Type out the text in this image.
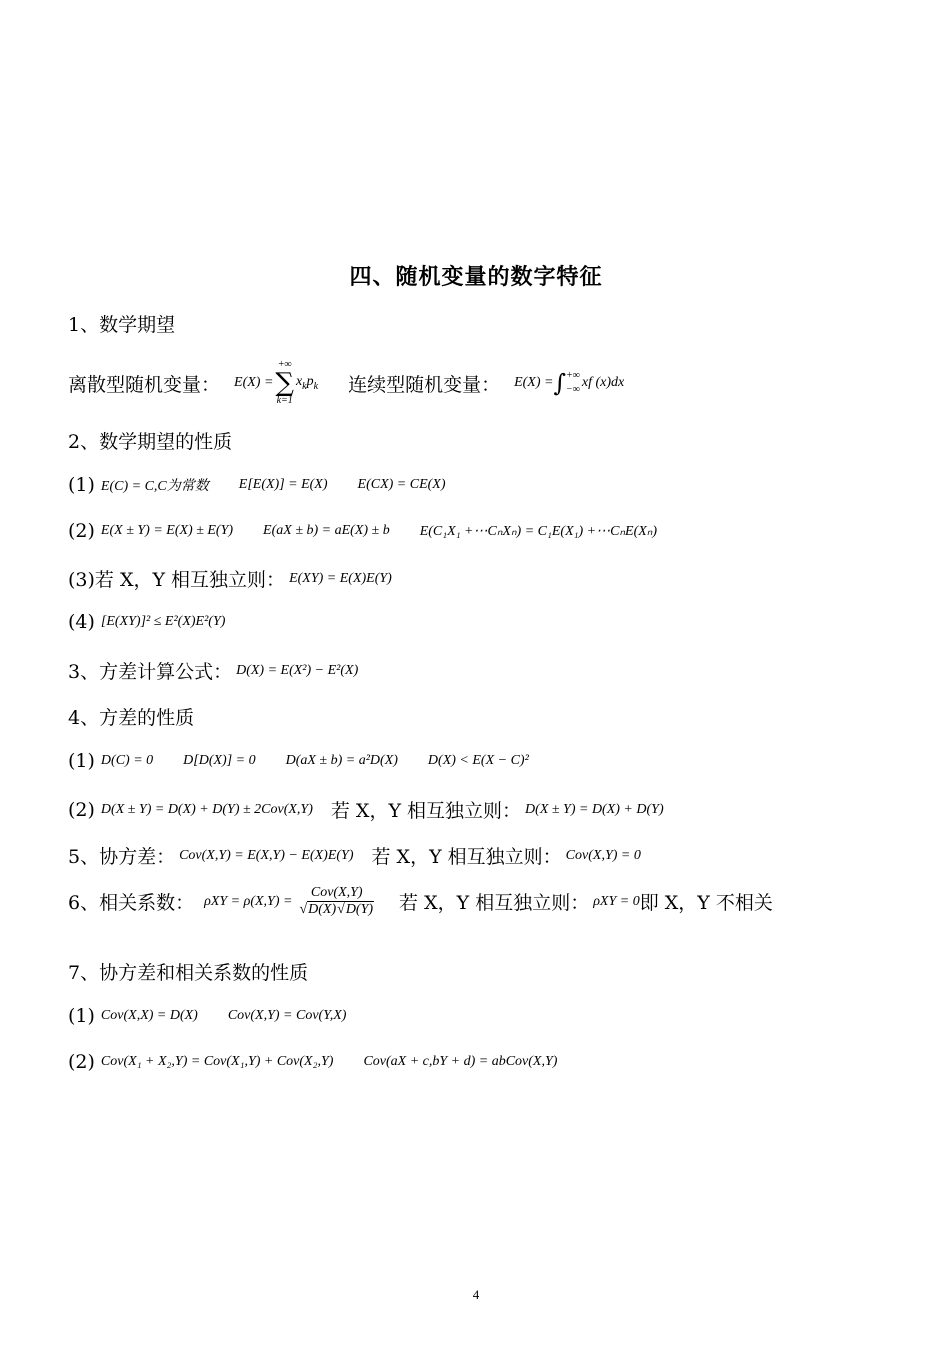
四、随机变量的数字特征
1、数学期望
离散型随机变量： E(X) =
+∞
∑
k=1
$x_kp_k$ 连续型随机变量： E(X) = ∫ +∞
−∞ xf (x)dx
2、数学期望的性质
(1) E(C) = C,C为常数 E[E(X)] = E(X) E(CX) = CE(X)
(2) E(X ± Y) = E(X) ± E(Y) E(aX ± b) = aE(X) ± b E(C₁X₁ +⋯CₙXₙ) = C₁E(X₁) +⋯CₙE(Xₙ)
(3)若 X，Y 相互独立则： E(XY) = E(X)E(Y)
(4) [E(XY)]² ≤ E²(X)E²(Y)
3、方差计算公式： D(X) = E(X²) − E²(X)
4、方差的性质
(1) D(C) = 0 D[D(X)] = 0 D(aX ± b) = a²D(X) D(X) < E(X − C)²
(2) D(X ± Y) = D(X) + D(Y) ± 2Cov(X,Y) 若 X，Y 相互独立则： D(X ± Y) = D(X) + D(Y)
5、协方差： Cov(X,Y) = E(X,Y) − E(X)E(Y) 若 X，Y 相互独立则： Cov(X,Y) = 0
6、相关系数： $\rho XY = \rho(X,Y) = \frac{\text{Cov(X,Y)}}{√D(X)√D(Y)}$ 若 X，Y 相互独立则： ρXY = 0 即 X，Y 不相关
7、协方差和相关系数的性质
(1) Cov(X,X) = D(X) Cov(X,Y) = Cov(Y,X)
(2) Cov(X₁ + X₂,Y) = Cov(X₁,Y) + Cov(X₂,Y) Cov(aX + c,bY + d) = abCov(X,Y)
4
